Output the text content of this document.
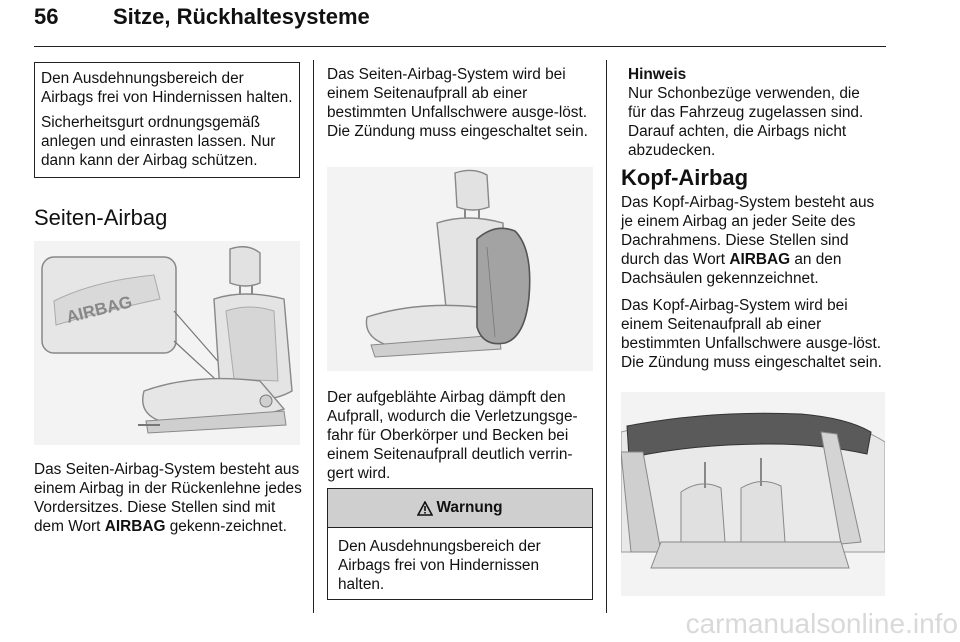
56 Sitze, Rückhaltesysteme

Den Ausdehnungsbereich der Airbags frei von Hindernissen halten.

Sicherheitsgurt ordnungsgemäß anlegen und einrasten lassen. Nur dann kann der Airbag schützen.

Seiten-Airbag
AIRBAG

Das Seiten-Airbag-System besteht aus einem Airbag in der Rückenlehne jedes Vordersitzes. Diese Stellen sind mit dem Wort AIRBAG gekenn-zeichnet.

Das Seiten-Airbag-System wird bei einem Seitenaufprall ab einer bestimmten Unfallschwere ausge-löst. Die Zündung muss eingeschaltet sein.

Der aufgeblähte Airbag dämpft den Aufprall, wodurch die Verletzungsge-fahr für Oberkörper und Becken bei einem Seitenaufprall deutlich verrin-gert wird.

Warnung
Den Ausdehnungsbereich der Airbags frei von Hindernissen halten.
Hinweis
Nur Schonbezüge verwenden, die für das Fahrzeug zugelassen sind. Darauf achten, die Airbags nicht abzudecken.
Kopf-Airbag

Das Kopf-Airbag-System besteht aus je einem Airbag an jeder Seite des Dachrahmens. Diese Stellen sind durch das Wort AIRBAG an den Dachsäulen gekennzeichnet.

Das Kopf-Airbag-System wird bei einem Seitenaufprall ab einer bestimmten Unfallschwere ausge-löst. Die Zündung muss eingeschaltet sein.

carmanualsonline.info
